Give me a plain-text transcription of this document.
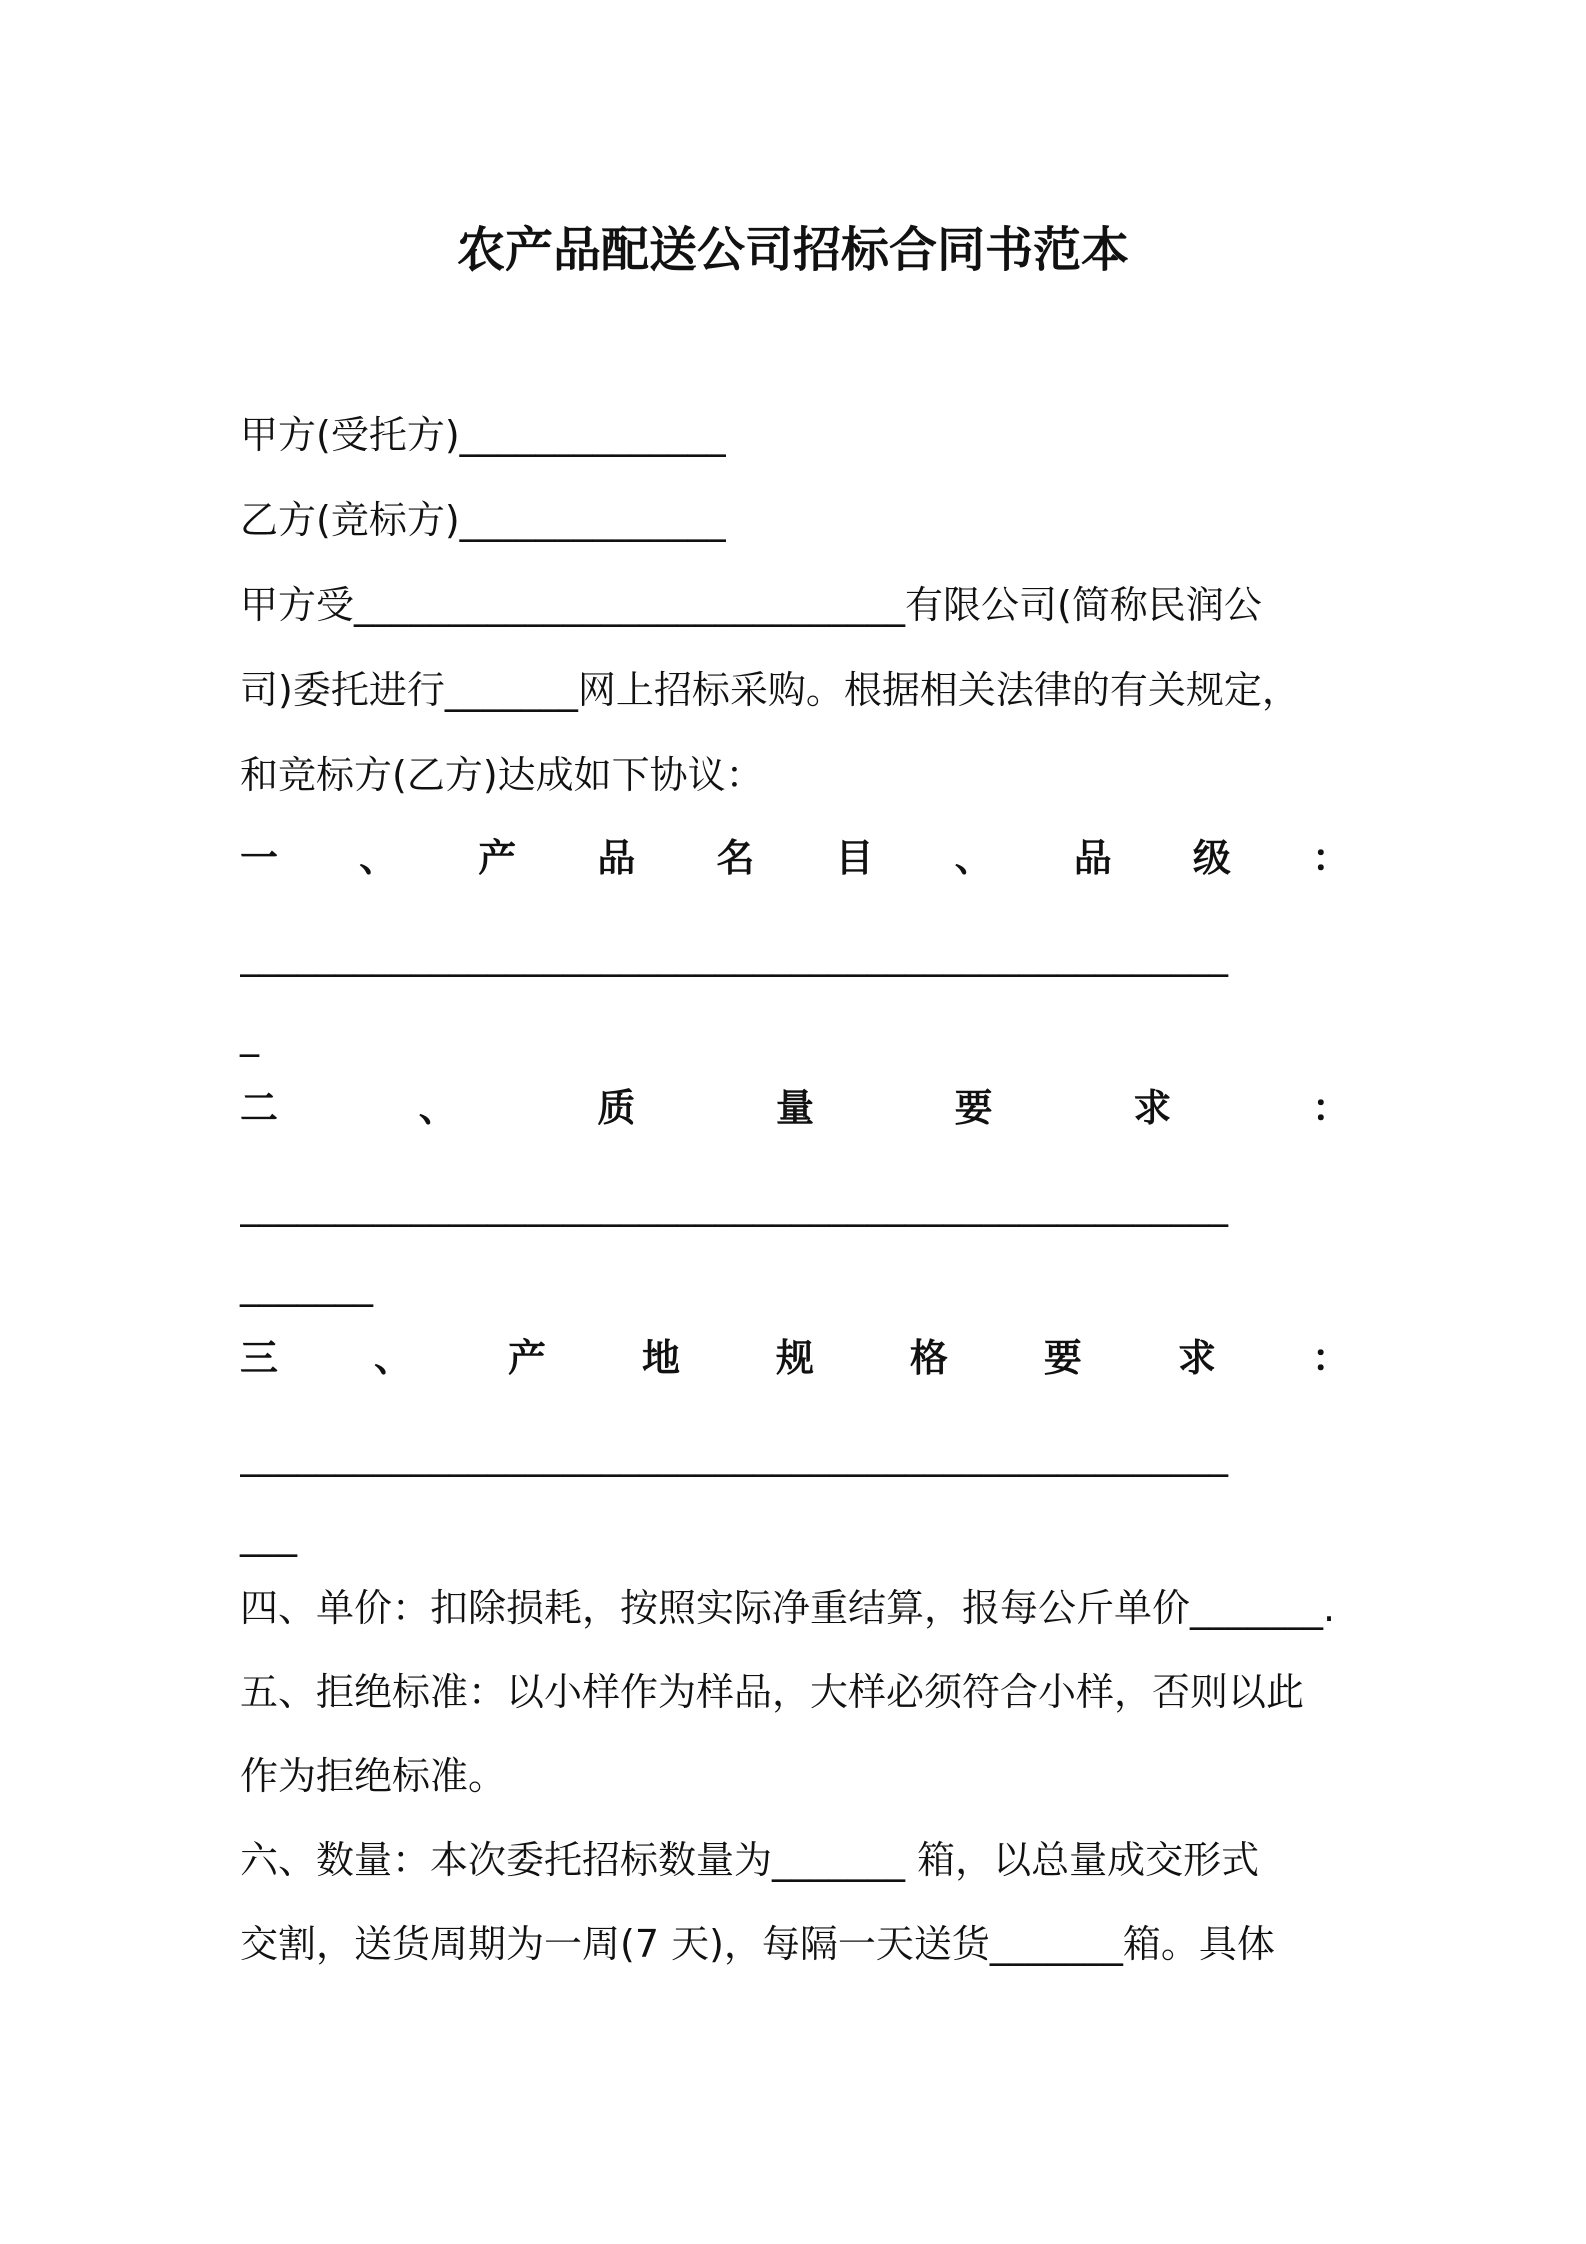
农产品配送公司招标合同书范本
甲方(受托方)______________
乙方(竞标方)______________
甲方受_____________________________有限公司(简称民润公
司)委托进行_______网上招标采购。根据相关法律的有关规定，
和竞标方(乙方)达成如下协议：
一 、 产 品 名 目 、 品 级 ：
____________________________________________________
_
二	、	质	量	要	求	：
____________________________________________________
_______
三	、	产	地	规	格	要	求	：
____________________________________________________
___
四、单价：扣除损耗，按照实际净重结算，报每公斤单价_______.
五、拒绝标准：以小样作为样品，大样必须符合小样，否则以此
作为拒绝标准。
六、数量：本次委托招标数量为_______ 箱，以总量成交形式
交割，送货周期为一周(7 天)，每隔一天送货_______箱。具体
